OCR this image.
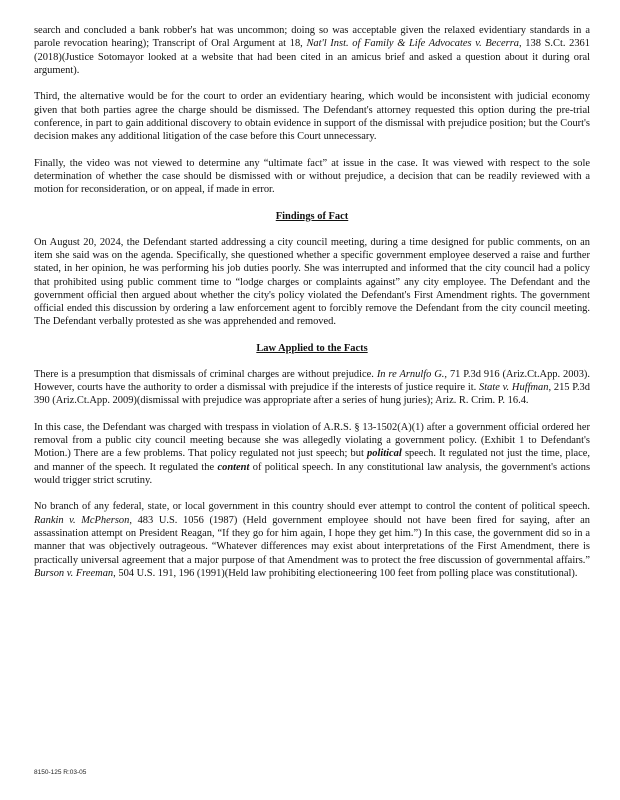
search and concluded a bank robber's hat was uncommon; doing so was acceptable given the relaxed evidentiary standards in a parole revocation hearing); Transcript of Oral Argument at 18, Nat'l Inst. of Family & Life Advocates v. Becerra, 138 S.Ct. 2361 (2018)(Justice Sotomayor looked at a website that had been cited in an amicus brief and asked a question about it during oral argument).

Third, the alternative would be for the court to order an evidentiary hearing, which would be inconsistent with judicial economy given that both parties agree the charge should be dismissed. The Defendant's attorney requested this option during the pre-trial conference, in part to gain additional discovery to obtain evidence in support of the dismissal with prejudice position; but the Court's decision makes any additional litigation of the case before this Court unnecessary.

Finally, the video was not viewed to determine any “ultimate fact” at issue in the case. It was viewed with respect to the sole determination of whether the case should be dismissed with or without prejudice, a decision that can be readily reviewed with a motion for reconsideration, or on appeal, if made in error.

Findings of Fact

On August 20, 2024, the Defendant started addressing a city council meeting, during a time designed for public comments, on an item she said was on the agenda. Specifically, she questioned whether a specific government employee deserved a raise and further stated, in her opinion, he was performing his job duties poorly. She was interrupted and informed that the city council had a policy that prohibited using public comment time to “lodge charges or complaints against” any city employee. The Defendant and the government official then argued about whether the city's policy violated the Defendant's First Amendment rights. The government official ended this discussion by ordering a law enforcement agent to forcibly remove the Defendant from the city council meeting. The Defendant verbally protested as she was apprehended and removed.

Law Applied to the Facts

There is a presumption that dismissals of criminal charges are without prejudice. In re Arnulfo G., 71 P.3d 916 (Ariz.Ct.App. 2003). However, courts have the authority to order a dismissal with prejudice if the interests of justice require it. State v. Huffman, 215 P.3d 390 (Ariz.Ct.App. 2009)(dismissal with prejudice was appropriate after a series of hung juries); Ariz. R. Crim. P. 16.4.

In this case, the Defendant was charged with trespass in violation of A.R.S. § 13-1502(A)(1) after a government official ordered her removal from a public city council meeting because she was allegedly violating a government policy. (Exhibit 1 to Defendant's Motion.) There are a few problems. That policy regulated not just speech; but political speech. It regulated not just the time, place, and manner of the speech. It regulated the content of political speech. In any constitutional law analysis, the government's actions would trigger strict scrutiny.

No branch of any federal, state, or local government in this country should ever attempt to control the content of political speech. Rankin v. McPherson, 483 U.S. 1056 (1987) (Held government employee should not have been fired for saying, after an assassination attempt on President Reagan, “If they go for him again, I hope they get him.”) In this case, the government did so in a manner that was objectively outrageous. “Whatever differences may exist about interpretations of the First Amendment, there is practically universal agreement that a major purpose of that Amendment was to protect the free discussion of governmental affairs.” Burson v. Freeman, 504 U.S. 191, 196 (1991)(Held law prohibiting electioneering 100 feet from polling place was constitutional).

8150-125 R:03-05
